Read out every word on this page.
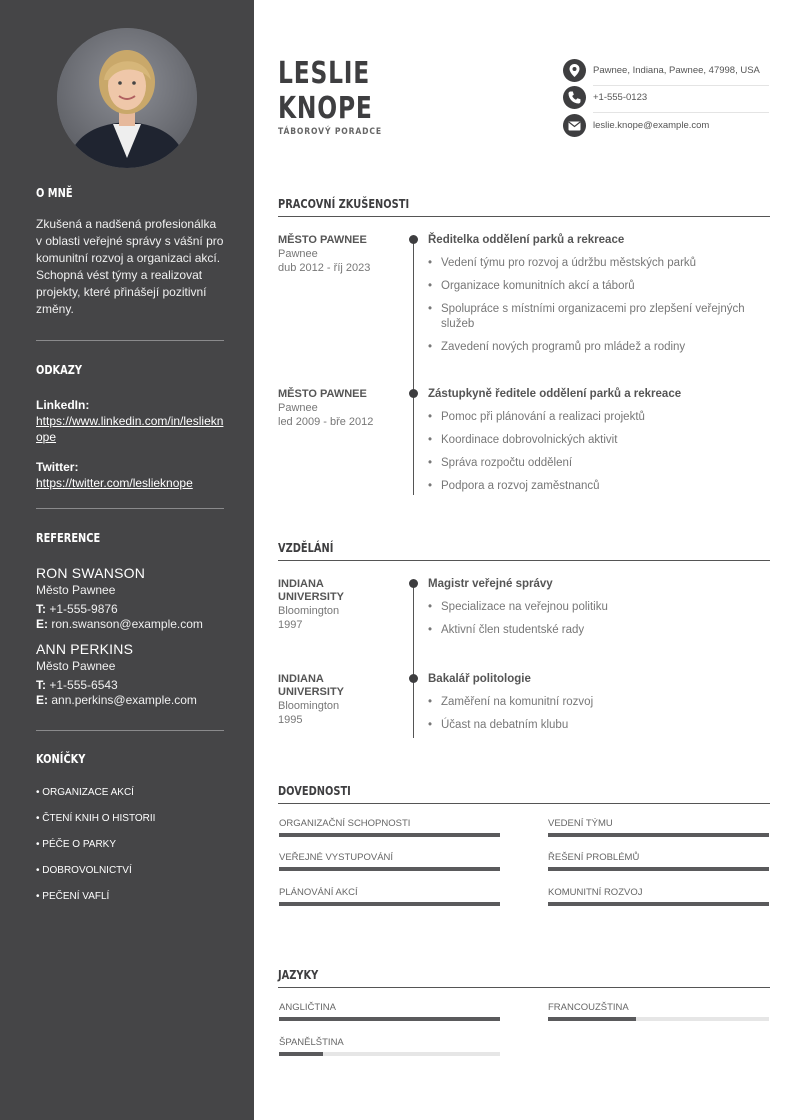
O MNĚ

Zkušená a nadšená profesionálka v oblasti veřejné správy s vášní pro komunitní rozvoj a organizaci akcí. Schopná vést týmy a realizovat projekty, které přinášejí pozitivní změny.

ODKAZY
LinkedIn:
https://www.linkedin.com/in/leslieknope
Twitter:
https://twitter.com/leslieknope
REFERENCE
RON SWANSON
Město Pawnee
T: +1-555-9876
E: ron.swanson@example.com
ANN PERKINS
Město Pawnee
T: +1-555-6543
E: ann.perkins@example.com
KONÍČKY
• ORGANIZACE AKCÍ
• ČTENÍ KNIH O HISTORII
• PÉČE O PARKY
• DOBROVOLNICTVÍ
• PEČENÍ VAFLÍ
LESLIE
KNOPE
TÁBOROVÝ PORADCE
Pawnee, Indiana, Pawnee, 47998, USA
+1-555-0123
leslie.knope@example.com
PRACOVNÍ ZKUŠENOSTI
MĚSTO PAWNEE
Pawnee
dub 2012 - říj 2023
Ředitelka oddělení parků a rekreace
• Vedení týmu pro rozvoj a údržbu městských parků
• Organizace komunitních akcí a táborů
• Spolupráce s místními organizacemi pro zlepšení veřejných služeb
• Zavedení nových programů pro mládež a rodiny
MĚSTO PAWNEE
Pawnee
led 2009 - bře 2012
Zástupkyně ředitele oddělení parků a rekreace
• Pomoc při plánování a realizaci projektů
• Koordinace dobrovolnických aktivit
• Správa rozpočtu oddělení
• Podpora a rozvoj zaměstnanců
VZDĚLÁNÍ
INDIANA UNIVERSITY
Bloomington
1997
Magistr veřejné správy
• Specializace na veřejnou politiku
• Aktivní člen studentské rady
INDIANA UNIVERSITY
Bloomington
1995
Bakalář politologie
• Zaměření na komunitní rozvoj
• Účast na debatním klubu
DOVEDNOSTI
ORGANIZAČNÍ SCHOPNOSTI	VEDENÍ TÝMU
VEŘEJNÉ VYSTUPOVÁNÍ	ŘEŠENÍ PROBLÉMŮ
PLÁNOVÁNÍ AKCÍ	KOMUNITNÍ ROZVOJ
JAZYKY
ANGLIČTINA	FRANCOUZŠTINA
ŠPANĚLŠTINA
